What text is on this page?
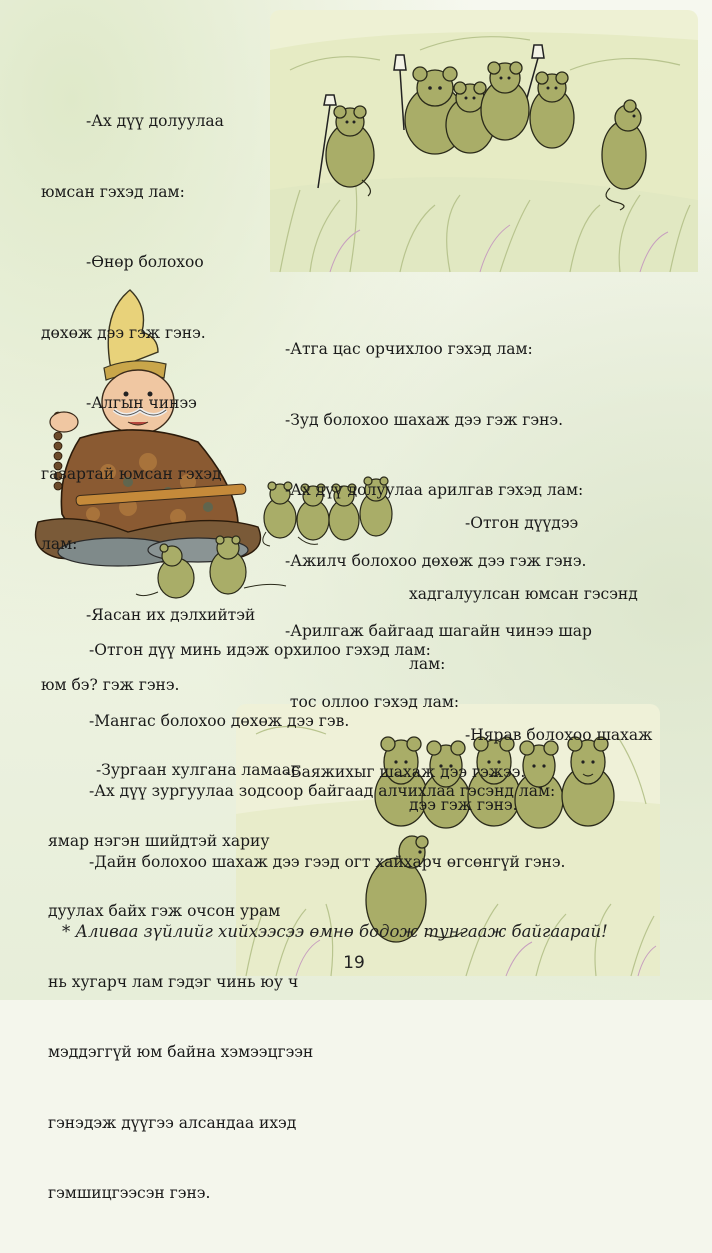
-Ах дүү долуулаа

юмсан гэхэд лам:

-Өнөр болохоо

дөхөж дээ гэж гэнэ.

-Алгын чинээ

газартай юмсан гэхэд

лам:

-Яасан их дэлхийтэй

юм бэ? гэж гэнэ.

-Атга цас орчихлоо гэхэд лам:

-Зуд болохоо шахаж дээ гэж гэнэ.

-Ах дүү долуулаа арилгав гэхэд лам:

-Ажилч болохоо дөхөж дээ гэж гэнэ.

-Арилгаж байгаад шагайн чинээ шар

тос оллоо гэхэд лам:

-Баяжихыг шахаж дээ гэжээ.

-Отгон дүүдээ

хадгалуулсан юмсан гэсэнд

лам:

-Нярав болохоо шахаж

дээ гэж гэнэ.

-Отгон дүү минь идэж орхилоо гэхэд лам:

-Мангас болохоо дөхөж дээ гэв.

-Ах дүү зургуулаа зодсоор байгаад алчихлаа гэсэнд лам:

-Дайн болохоо шахаж дээ гээд огт хайхарч өгсөнгүй гэнэ.

-Зургаан хулгана ламаас

ямар нэгэн шийдтэй хариу

дуулах байх гэж очсон урам

нь хугарч лам гэдэг чинь юу ч

мэддэггүй юм байна хэмээцгээн

гэнэдэж дүүгээ алсандаа ихэд

гэмшицгээсэн гэнэ.

* Аливаа зүйлийг хийхээсээ өмнө бодож тунгааж байгаарай!
19
